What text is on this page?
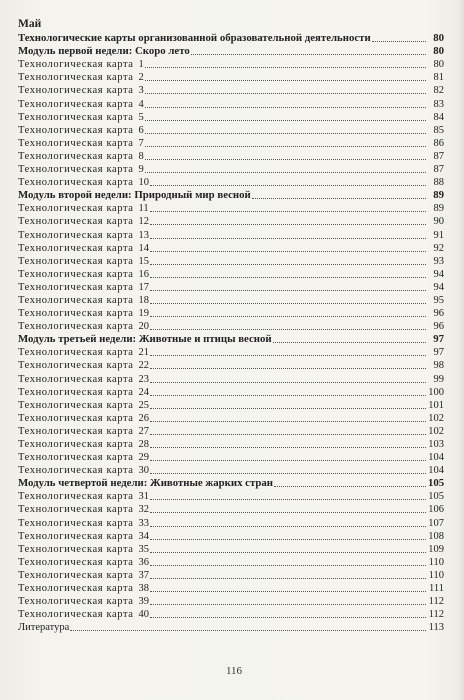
Май
Технологические карты организованной образовательной деятельности	80
Модуль первой недели: Скоро лето	80
Технологическая карта 1	80
Технологическая карта 2	81
Технологическая карта 3	82
Технологическая карта 4	83
Технологическая карта 5	84
Технологическая карта 6	85
Технологическая карта 7	86
Технологическая карта 8	87
Технологическая карта 9	87
Технологическая карта 10	88
Модуль второй недели: Природный мир весной	89
Технологическая карта 11	89
Технологическая карта 12	90
Технологическая карта 13	91
Технологическая карта 14	92
Технологическая карта 15	93
Технологическая карта 16	94
Технологическая карта 17	94
Технологическая карта 18	95
Технологическая карта 19	96
Технологическая карта 20	96
Модуль третьей недели: Животные и птицы весной	97
Технологическая карта 21	97
Технологическая карта 22	98
Технологическая карта 23	99
Технологическая карта 24	100
Технологическая карта 25	101
Технологическая карта 26	102
Технологическая карта 27	102
Технологическая карта 28	103
Технологическая карта 29	104
Технологическая карта 30	104
Модуль четвертой недели: Животные жарких стран	105
Технологическая карта 31	105
Технологическая карта 32	106
Технологическая карта 33	107
Технологическая карта 34	108
Технологическая карта 35	109
Технологическая карта 36	110
Технологическая карта 37	110
Технологическая карта 38	111
Технологическая карта 39	112
Технологическая карта 40	112
Литература	113
116
